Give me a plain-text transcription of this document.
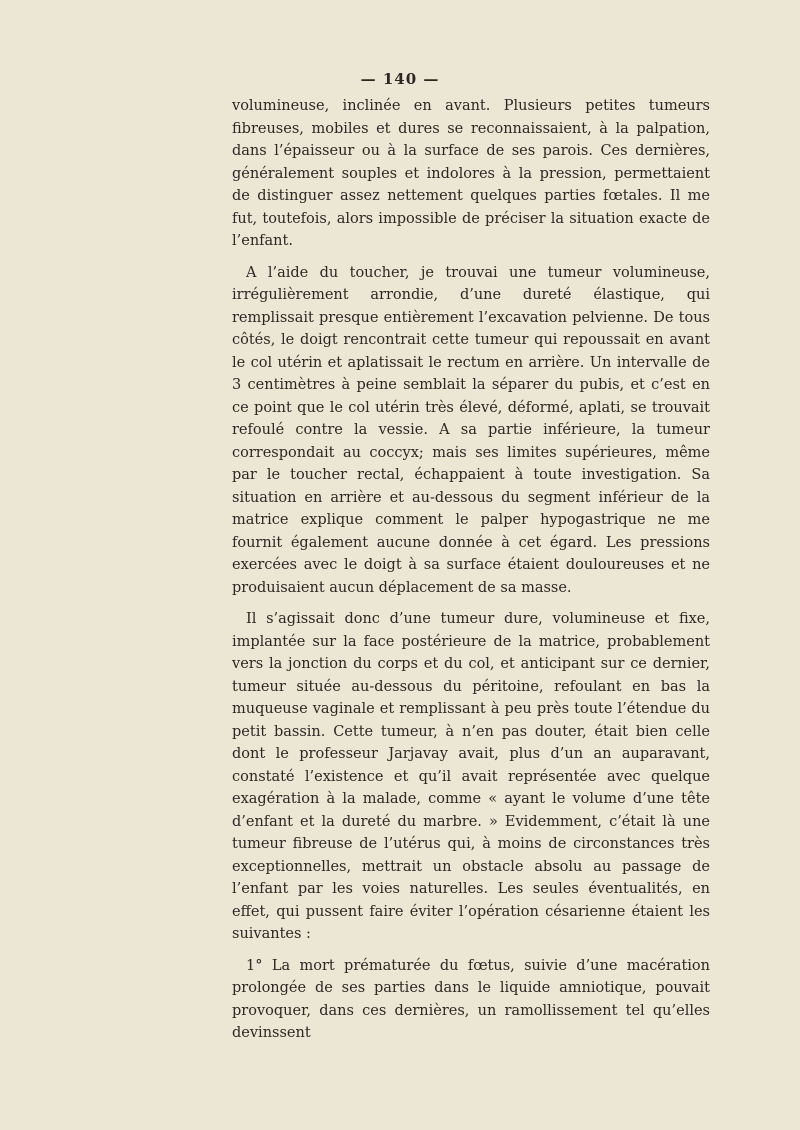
— 140 —

volumineuse, inclinée en avant. Plusieurs petites tumeurs fibreuses, mobiles et dures se reconnaissaient, à la palpation, dans l’épaisseur ou à la surface de ses parois. Ces dernières, généralement souples et indolores à la pression, permettaient de distinguer assez nettement quelques parties fœtales. Il me fut, toutefois, alors impossible de préciser la situation exacte de l’enfant.

A l’aide du toucher, je trouvai une tumeur volumineuse, irrégulièrement arrondie, d’une dureté élastique, qui remplissait presque entièrement l’excavation pelvienne. De tous côtés, le doigt rencontrait cette tumeur qui repoussait en avant le col utérin et aplatissait le rectum en arrière. Un intervalle de 3 centimètres à peine semblait la séparer du pubis, et c’est en ce point que le col utérin très élevé, déformé, aplati, se trouvait refoulé contre la vessie. A sa partie inférieure, la tumeur correspondait au coccyx; mais ses limites supérieures, même par le toucher rectal, échappaient à toute investigation. Sa situation en arrière et au-dessous du segment inférieur de la matrice explique comment le palper hypogastrique ne me fournit également aucune donnée à cet égard. Les pressions exercées avec le doigt à sa surface étaient douloureuses et ne produisaient aucun déplacement de sa masse.

Il s’agissait donc d’une tumeur dure, volumineuse et fixe, implantée sur la face postérieure de la matrice, probablement vers la jonction du corps et du col, et anticipant sur ce dernier, tumeur située au-dessous du péritoine, refoulant en bas la muqueuse vaginale et remplissant à peu près toute l’étendue du petit bassin. Cette tumeur, à n’en pas douter, était bien celle dont le professeur Jarjavay avait, plus d’un an auparavant, constaté l’existence et qu’il avait représentée avec quelque exagération à la malade, comme « ayant le volume d’une tête d’enfant et la dureté du marbre. » Evidemment, c’était là une tumeur fibreuse de l’utérus qui, à moins de circonstances très exceptionnelles, mettrait un obstacle absolu au passage de l’enfant par les voies naturelles. Les seules éventualités, en effet, qui pussent faire éviter l’opération césarienne étaient les suivantes :

1° La mort prématurée du fœtus, suivie d’une macération prolongée de ses parties dans le liquide amniotique, pouvait provoquer, dans ces dernières, un ramollissement tel qu’elles devinssent
